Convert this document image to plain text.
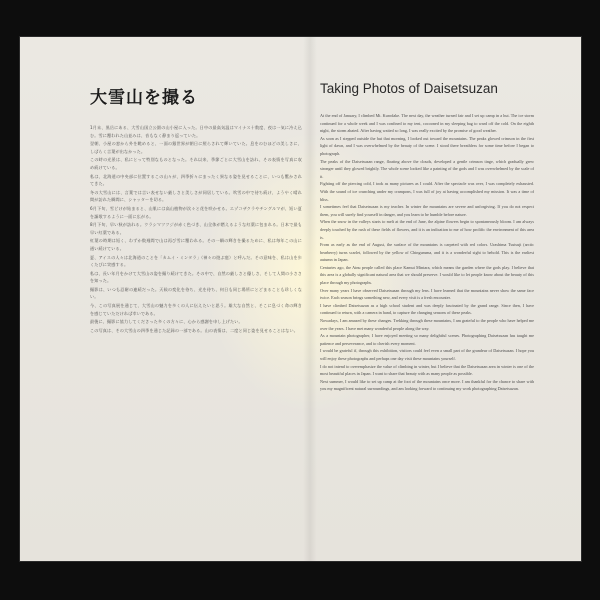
大雪山を撮る

1月末、黒岳にある、大雪山国立公園の山小屋に入った。日中の最高気温はマイナス十数度、夜は一気に冷え込む。雪に覆われた山並みは、音もなく静まり返っていた。

翌朝、小屋の窓から外を眺めると、一面の銀世界が朝日に照らされて輝いていた。息をのむほどの美しさに、しばらく言葉が出なかった。

この時の光景は、私にとって特別なものとなった。それ以来、季節ごとに大雪山を訪れ、その表情を写真に収め続けている。

私は、北海道の中央部に位置するこの山々が、四季折々にまったく異なる姿を見せることに、いつも驚かされてきた。

冬の大雪山には、言葉では言い表せない厳しさと美しさが同居している。吹雪の中で待ち続け、ようやく晴れ間が訪れた瞬間に、シャッターを切る。

6月下旬、雪どけが始まると、山肌には高山植物が次々と花を咲かせる。エゾコザクラやチングルマが、短い夏を謳歌するように一面に広がる。

8月下旬、早い秋が訪れる。ウラシマツツジが赤く色づき、山全体が燃えるような紅葉に包まれる。日本で最も早い紅葉である。

紅葉の時期は短く、わずか数週間で山は再び雪に覆われる。その一瞬の輝きを撮るために、私は毎年この山に通い続けている。

夏、アイスの人々は北海道のことを「カムイ・ミンタラ」（神々の遊ぶ庭）と呼んだ。その意味を、私は山を歩くたびに実感する。

私は、長い年月をかけて大雪山の姿を撮り続けてきた。その中で、自然の厳しさと優しさ、そして人間の小ささを知った。

撮影は、いつも忍耐の連続だった。天候の変化を待ち、光を待ち、何日も同じ場所にとどまることも珍しくない。

今、この写真展を通じて、大雪山の魅力を多くの人に伝えたいと思う。雄大な自然と、そこに息づく命の輝きを感じていただければ幸いである。

最後に、撮影に協力してくださった多くの方々に、心から感謝を申し上げたい。

この写真は、その大雪山の四季を通じた記録の一部である。山の表情は、二度と同じ姿を見せることはない。

Taking Photos of Daisetsuzan

At the end of January, I climbed Mt. Kurodake. The next day, the weather turned fair and I set up camp in a hut. The ice storm continued for a whole week and I was confined to my tent, cocooned in my sleeping bag to ward off the cold. On the eighth night, the storm abated. After having waited so long, I was really excited by the promise of good weather.

As soon as I stepped outside the hut that morning, I looked out toward the mountains. The peaks glowed crimson in the first light of dawn, and I was overwhelmed by the beauty of the scene. I stood there breathless for some time before I began to photograph.

The peaks of the Daisetsuzan range, floating above the clouds, developed a gentle crimson tinge, which gradually grew stronger until they glowed brightly. The whole scene looked like a painting of the gods and I was overwhelmed by the scale of it.

Fighting off the piercing cold, I took as many pictures as I could. After the spectacle was over, I was completely exhausted. With the sound of ice crunching under my crampons, I was full of joy at having accomplished my mission. It was a time of bliss.

I sometimes feel that Daisetsuzan is my teacher. In winter the mountains are severe and unforgiving. If you do not respect them, you will surely find yourself in danger, and you learn to be humble before nature.

When the snow in the valleys starts to melt at the end of June, the alpine flowers begin to spontaneously bloom. I am always deeply touched by the rush of these fields of flowers, and it is an indication to me of how prolific the environment of this area is.

From as early as the end of August, the surface of the mountains is carpeted with red colors. Urashima Tsutsuji (arctic bearberry) turns scarlet, followed by the yellow of Chinguruma, and it is a wonderful sight to behold. This is the earliest autumn in Japan.

Centuries ago, the Ainu people called this place Kamui Mintara, which means the garden where the gods play. I believe that this area is a globally significant natural area that we should preserve. I would like to let people know about the beauty of this place through my photographs.

Over many years I have observed Daisetsuzan through my lens. I have learned that the mountains never show the same face twice. Each season brings something new, and every visit is a fresh encounter.

I have climbed Daisetsuzan as a high school student and was deeply fascinated by the grand range. Since then, I have continued to return, with a camera in hand, to capture the changing seasons of these peaks.

Nowadays, I am amazed by these changes. Trekking through these mountains, I am grateful to the people who have helped me over the years. I have met many wonderful people along the way.

As a mountain photographer, I have enjoyed meeting so many delightful scenes. Photographing Daisetsuzan has taught me patience and perseverance, and to cherish every moment.

I would be grateful if, through this exhibition, visitors could feel even a small part of the grandeur of Daisetsuzan. I hope you will enjoy these photographs and perhaps one day visit these mountains yourself.

I do not intend to overemphasize the value of climbing in winter, but I believe that the Daisetsuzan area in winter is one of the most beautiful places in Japan. I want to share that beauty with as many people as possible.

Next summer, I would like to set up camp at the foot of the mountains once more. I am thankful for the chance to share with you my magnificent natural surroundings, and am looking forward to continuing my work photographing Daisetsuzan.
